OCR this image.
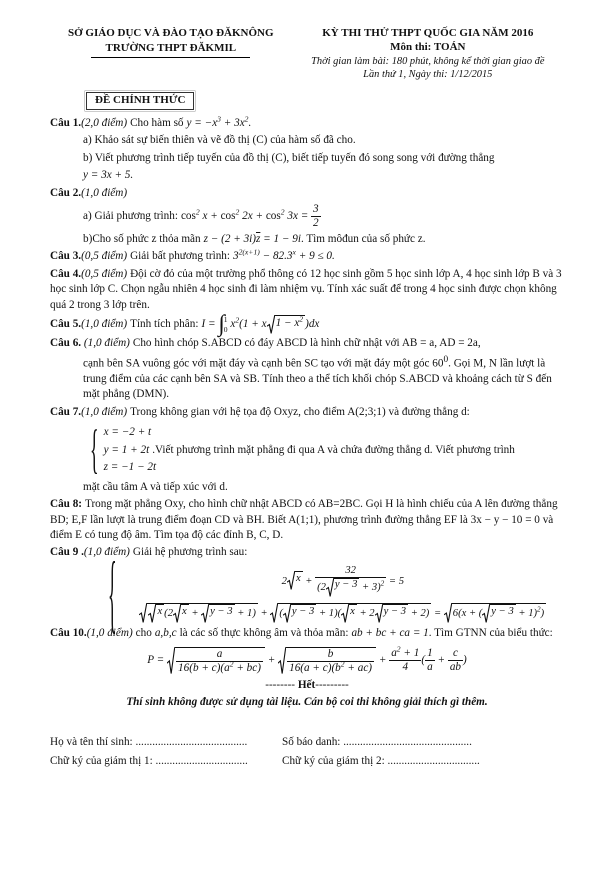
SỞ GIÁO DỤC VÀ ĐÀO TẠO ĐĂKNÔNG
TRƯỜNG THPT ĐĂKMIL
KỲ THI THỬ THPT QUỐC GIA NĂM 2016
Môn thi: TOÁN
Thời gian làm bài: 180 phút, không kể thời gian giao đề
Lần thứ 1, Ngày thi: 1/12/2015
ĐỀ CHÍNH THỨC

Câu 1.(2,0 điểm) Cho hàm số $y = -x^3 + 3x^2$.

a) Khảo sát sự biến thiên và vẽ đồ thị (C) của hàm số đã cho.

b) Viết phương trình tiếp tuyến của đồ thị (C), biết tiếp tuyến đó song song với đường thẳng

y = 3x + 5.

Câu 2.(1,0 điểm)

a) Giải phương trình: $\cos^2 x + \cos^2 2x + \cos^2 3x = \frac{3}{2}$

b)Cho số phức z thỏa mãn $z - (2 + 3i)\overline{z} = 1 - 9i$. Tìm môđun của số phức z.

Câu 3.(0,5 điểm) Giải bất phương trình: $3^{2(x+1)} - 82.3^x + 9 \le 0$.

Câu 4.(0,5 điểm) Đội cờ đỏ của một trường phổ thông có 12 học sinh gồm 5 học sinh lớp A, 4 học sinh lớp B và 3 học sinh lớp C. Chọn ngẫu nhiên 4 học sinh đi làm nhiệm vụ. Tính xác suất để trong 4 học sinh được chọn không quá 2 trong 3 lớp trên.

Câu 5.(1,0 điểm) Tính tích phân: I = ∫ 1
0 $x^2(1 + x$ $1 - x^2$ )dx

Câu 6. (1,0 điểm) Cho hình chóp S.ABCD có đáy ABCD là hình chữ nhật với AB = a, AD = 2a,

cạnh bên SA vuông góc với mặt đáy và cạnh bên SC tạo với mặt đáy một góc $60^0$. Gọi M, N lần lượt là trung điểm của các cạnh bên SA và SB. Tính theo a thể tích khối chóp S.ABCD và khoảng cách từ S đến mặt phẳng (DMN).

Câu 7.(1,0 điểm) Trong không gian với hệ tọa độ Oxyz, cho điểm A(2;3;1) và đường thẳng d:

{ x = −2 + t
y = 1 + 2t .Viết phương trình mặt phẳng đi qua A và chứa đường thẳng d. Viết phương trình
z = −1 − 2t

mặt cầu tâm A và tiếp xúc với d.

Câu 8: Trong mặt phẳng Oxy, cho hình chữ nhật ABCD có AB=2BC. Gọi H là hình chiếu của A lên đường thẳng BD; E,F lần lượt là trung điểm đoạn CD và BH. Biết A(1;1), phương trình đường thẳng EF là 3x − y − 10 = 0 và điểm E có tung độ âm. Tìm tọa độ các đỉnh B, C, D.

Câu 9 .(1,0 điểm) Giải hệ phương trình sau:

{	2 $x + \frac{32}{(2 y - 3 + 3)^2} = 5$
x (2 x + y − 3 + 1) + ( y − 3 + 1)( x + 2 y − 3 + 2) = 6(x + ( y − 3 + 1)$^2$)

Câu 10.(1,0 điểm) cho a,b,c là các số thực không âm và thỏa mãn: ab + bc + ca = 1. Tìm GTNN của biểu thức:

$P = \frac{a}{16(b + c)(a^2 + bc)} + \frac{b}{16(a + c)(b^2 + ac)} + \frac{a^2 + 1}{4}$ ( $\frac{1}{a} + \frac{c}{ab}$ )
-------- Hết---------
Thí sinh không được sử dụng tài liệu. Cán bộ coi thi không giải thích gì thêm.
Họ và tên thí sinh: ........................................	Số báo danh: ..............................................
Chữ ký của giám thị 1: .................................	Chữ ký của giám thị 2: .................................
